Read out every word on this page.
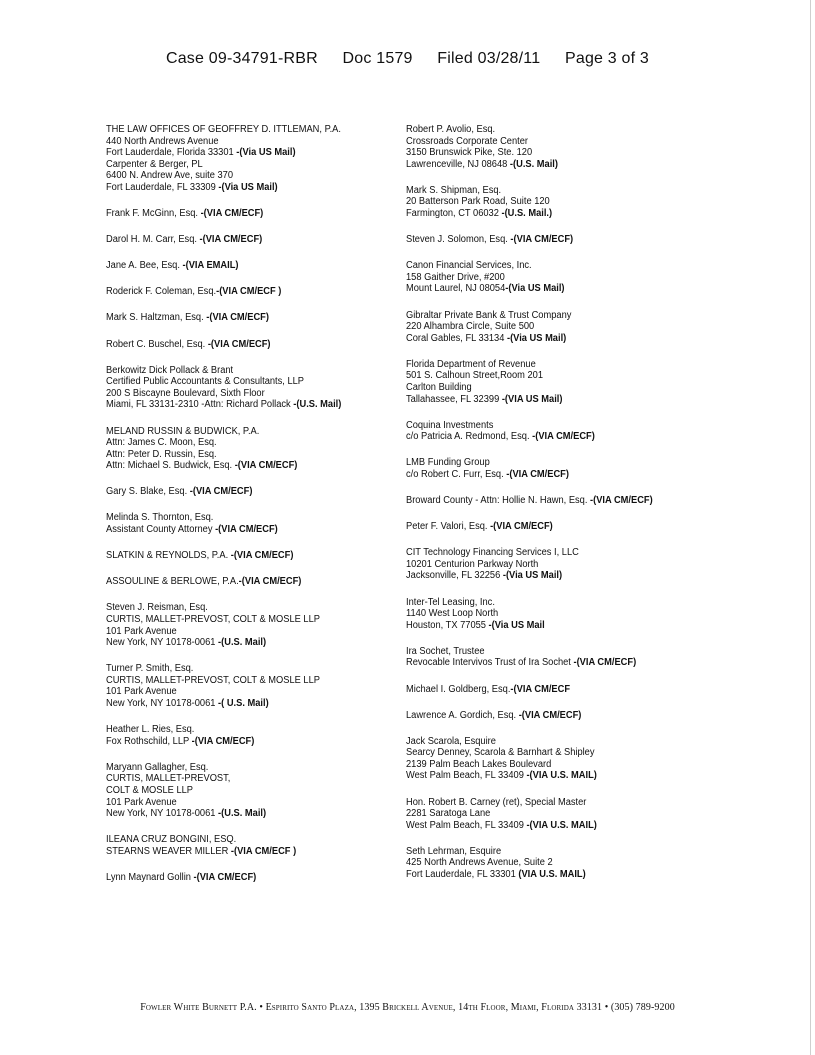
Case 09-34791-RBR Doc 1579 Filed 03/28/11 Page 3 of 3
THE LAW OFFICES OF GEOFFREY D. ITTLEMAN, P.A.
440 North Andrews Avenue
Fort Lauderdale, Florida 33301 -(Via US Mail)
Carpenter & Berger, PL
6400 N. Andrew Ave, suite 370
Fort Lauderdale, FL 33309 -(Via US Mail)
Frank F. McGinn, Esq. -(VIA CM/ECF)
Darol H. M. Carr, Esq. -(VIA CM/ECF)
Jane A. Bee, Esq. -(VIA EMAIL)
Roderick F. Coleman, Esq.-(VIA CM/ECF )
Mark S. Haltzman, Esq. -(VIA CM/ECF)
Robert C. Buschel, Esq. -(VIA CM/ECF)
Berkowitz Dick Pollack & Brant
Certified Public Accountants & Consultants, LLP
200 S Biscayne Boulevard, Sixth Floor
Miami, FL 33131-2310 -Attn: Richard Pollack -(U.S. Mail)
MELAND RUSSIN & BUDWICK, P.A.
Attn: James C. Moon, Esq.
Attn: Peter D. Russin, Esq.
Attn: Michael S. Budwick, Esq. -(VIA CM/ECF)
Gary S. Blake, Esq. -(VIA CM/ECF)
Melinda S. Thornton, Esq.
Assistant County Attorney -(VIA CM/ECF)
SLATKIN & REYNOLDS, P.A. -(VIA CM/ECF)
ASSOULINE & BERLOWE, P.A.-(VIA CM/ECF)
Steven J. Reisman, Esq.
CURTIS, MALLET-PREVOST, COLT & MOSLE LLP
101 Park Avenue
New York, NY 10178-0061 -(U.S. Mail)
Turner P. Smith, Esq.
CURTIS, MALLET-PREVOST, COLT & MOSLE LLP
101 Park Avenue
New York, NY 10178-0061 -( U.S. Mail)
Heather L. Ries, Esq.
Fox Rothschild, LLP -(VIA CM/ECF)
Maryann Gallagher, Esq.
CURTIS, MALLET-PREVOST,
COLT & MOSLE LLP
101 Park Avenue
New York, NY 10178-0061 -(U.S. Mail)
ILEANA CRUZ BONGINI, ESQ.
STEARNS WEAVER MILLER -(VIA CM/ECF )
Lynn Maynard Gollin -(VIA CM/ECF)
Robert P. Avolio, Esq.
Crossroads Corporate Center
3150 Brunswick Pike, Ste. 120
Lawrenceville, NJ 08648 -(U.S. Mail)
Mark S. Shipman, Esq.
20 Batterson Park Road, Suite 120
Farmington, CT 06032 -(U.S. Mail.)
Steven J. Solomon, Esq. -(VIA CM/ECF)
Canon Financial Services, Inc.
158 Gaither Drive, #200
Mount Laurel, NJ 08054-(Via US Mail)
Gibraltar Private Bank & Trust Company
220 Alhambra Circle, Suite 500
Coral Gables, FL 33134 -(Via US Mail)
Florida Department of Revenue
501 S. Calhoun Street,Room 201
Carlton Building
Tallahassee, FL 32399 -(VIA US Mail)
Coquina Investments
c/o Patricia A. Redmond, Esq. -(VIA CM/ECF)
LMB Funding Group
c/o Robert C. Furr, Esq. -(VIA CM/ECF)
Broward County - Attn: Hollie N. Hawn, Esq. -(VIA CM/ECF)
Peter F. Valori, Esq. -(VIA CM/ECF)
CIT Technology Financing Services I, LLC
10201 Centurion Parkway North
Jacksonville, FL 32256 -(Via US Mail)
Inter-Tel Leasing, Inc.
1140 West Loop North
Houston, TX 77055 -(Via US Mail
Ira Sochet, Trustee
Revocable Intervivos Trust of Ira Sochet -(VIA CM/ECF)
Michael I. Goldberg, Esq.-(VIA CM/ECF
Lawrence A. Gordich, Esq. -(VIA CM/ECF)
Jack Scarola, Esquire
Searcy Denney, Scarola & Barnhart & Shipley
2139 Palm Beach Lakes Boulevard
West Palm Beach, FL 33409 -(VIA U.S. MAIL)
Hon. Robert B. Carney (ret), Special Master
2281 Saratoga Lane
West Palm Beach, FL 33409 -(VIA U.S. MAIL)
Seth Lehrman, Esquire
425 North Andrews Avenue, Suite 2
Fort Lauderdale, FL 33301 (VIA U.S. MAIL)
Fowler White Burnett P.A. • Espirito Santo Plaza, 1395 Brickell Avenue, 14th Floor, Miami, Florida 33131 • (305) 789-9200
